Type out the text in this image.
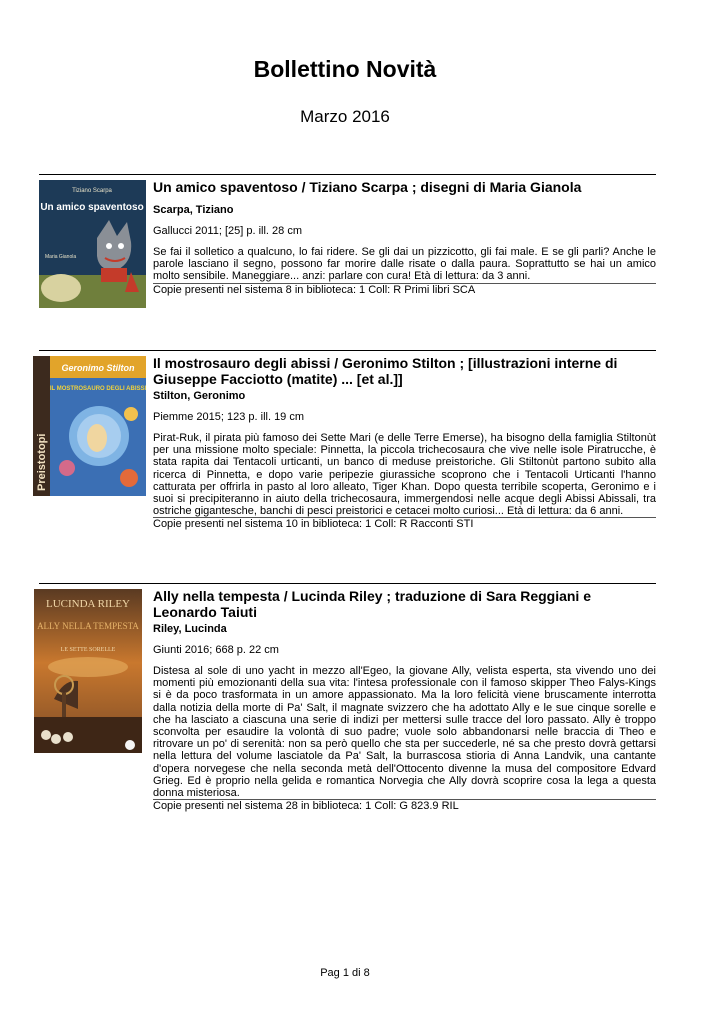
Bollettino Novità
Marzo 2016
Tiziano Scarpa
Un amico spaventoso
Maria Gianola

Un amico spaventoso / Tiziano Scarpa ; disegni di Maria Gianola

Scarpa, Tiziano
Gallucci 2011; [25] p. ill. 28 cm
Se fai il solletico a qualcuno, lo fai ridere. Se gli dai un pizzicotto, gli fai male. E se gli parli? Anche le parole lasciano il segno, possono far morire dalle risate o dalla paura. Soprattutto se hai un amico molto sensibile. Maneggiare... anzi: parlare con cura! Età di lettura: da 3 anni.
Copie presenti nel sistema 8 in biblioteca: 1 Coll: R Primi libri SCA
Geronimo Stilton
IL MOSTROSAURO DEGLI ABISSI
Preistotopi

Il mostrosauro degli abissi / Geronimo Stilton ; [illustrazioni interne di Giuseppe Facciotto (matite) ... [et al.]]

Stilton, Geronimo
Piemme 2015; 123 p. ill. 19 cm
Pirat-Ruk, il pirata più famoso dei Sette Mari (e delle Terre Emerse), ha bisogno della famiglia Stiltonùt per una missione molto speciale: Pinnetta, la piccola trichecosaura che vive nelle isole Piratrucche, è stata rapita dai Tentacoli urticanti, un banco di meduse preistoriche. Gli Stiltonùt partono subito alla ricerca di Pinnetta, e dopo varie peripezie giurassiche scoprono che i Tentacoli Urticanti l'hanno catturata per offrirla in pasto al loro alleato, Tiger Khan. Dopo questa terribile scoperta, Geronimo e i suoi si precipiteranno in aiuto della trichecosaura, immergendosi nelle acque degli Abissi Abissali, tra ostriche gigantesche, banchi di pesci preistorici e cetacei molto curiosi... Età di lettura: da 6 anni.
Copie presenti nel sistema 10 in biblioteca: 1 Coll: R Racconti STI
LUCINDA RILEY
ALLY NELLA TEMPESTA
LE SETTE SORELLE

Ally nella tempesta / Lucinda Riley ; traduzione di Sara Reggiani e Leonardo Taiuti

Riley, Lucinda
Giunti 2016; 668 p. 22 cm
Distesa al sole di uno yacht in mezzo all'Egeo, la giovane Ally, velista esperta, sta vivendo uno dei momenti più emozionanti della sua vita: l'intesa professionale con il famoso skipper Theo Falys-Kings si è da poco trasformata in un amore appassionato. Ma la loro felicità viene bruscamente interrotta dalla notizia della morte di Pa' Salt, il magnate svizzero che ha adottato Ally e le sue cinque sorelle e che ha lasciato a ciascuna una serie di indizi per mettersi sulle tracce del loro passato. Ally è troppo sconvolta per esaudire la volontà di suo padre; vuole solo abbandonarsi nelle braccia di Theo e ritrovare un po' di serenità: non sa però quello che sta per succederle, né sa che presto dovrà gettarsi nella lettura del volume lasciatole da Pa' Salt, la burrascosa stioria di Anna Landvik, una cantante d'opera norvegese che nella seconda metà dell'Ottocento divenne la musa del compositore Edvard Grieg. Ed è proprio nella gelida e romantica Norvegia che Ally dovrà scoprire cosa la lega a questa donna misteriosa.
Copie presenti nel sistema 28 in biblioteca: 1 Coll: G 823.9 RIL
Pag 1 di 8
